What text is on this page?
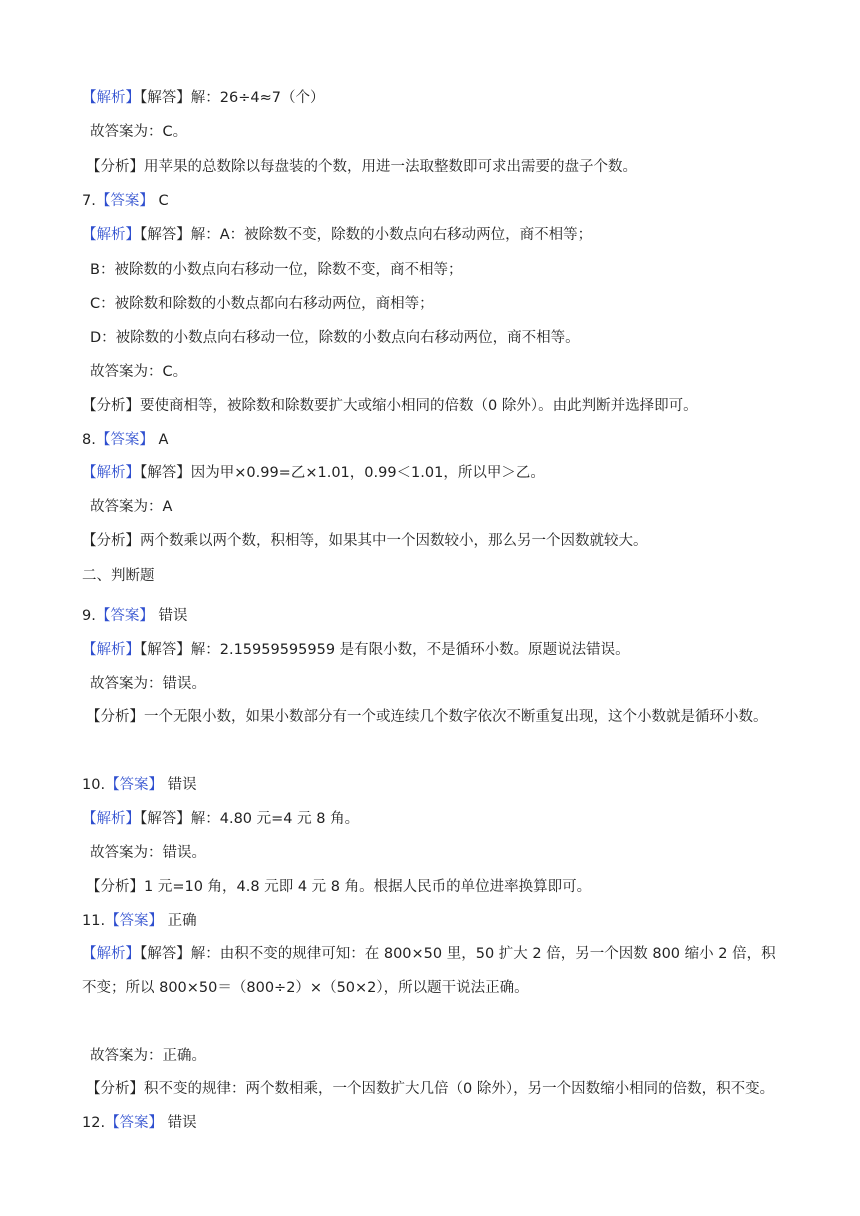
【解析】【解答】解：26÷4≈7（个）
故答案为：C。
【分析】用苹果的总数除以每盘装的个数，用进一法取整数即可求出需要的盘子个数。
7.【答案】 C
【解析】【解答】解：A：被除数不变，除数的小数点向右移动两位，商不相等；
B：被除数的小数点向右移动一位，除数不变，商不相等；
C：被除数和除数的小数点都向右移动两位，商相等；
D：被除数的小数点向右移动一位，除数的小数点向右移动两位，商不相等。
故答案为：C。
【分析】要使商相等，被除数和除数要扩大或缩小相同的倍数（0 除外）。由此判断并选择即可。
8.【答案】 A
【解析】【解答】因为甲×0.99=乙×1.01，0.99＜1.01，所以甲＞乙。
故答案为：A
【分析】两个数乘以两个数，积相等，如果其中一个因数较小，那么另一个因数就较大。
二、判断题
9.【答案】 错误
【解析】【解答】解：2.15959595959 是有限小数，不是循环小数。原题说法错误。
故答案为：错误。
【分析】一个无限小数，如果小数部分有一个或连续几个数字依次不断重复出现，这个小数就是循环小数。
10.【答案】 错误
【解析】【解答】解：4.80 元=4 元 8 角。
故答案为：错误。
【分析】1 元=10 角，4.8 元即 4 元 8 角。根据人民币的单位进率换算即可。
11.【答案】 正确
【解析】【解答】解：由积不变的规律可知：在 800×50 里，50 扩大 2 倍，另一个因数 800 缩小 2 倍，积不变；所以 800×50＝（800÷2）×（50×2），所以题干说法正确。
故答案为：正确。
【分析】积不变的规律：两个数相乘，一个因数扩大几倍（0 除外），另一个因数缩小相同的倍数，积不变。
12.【答案】 错误
